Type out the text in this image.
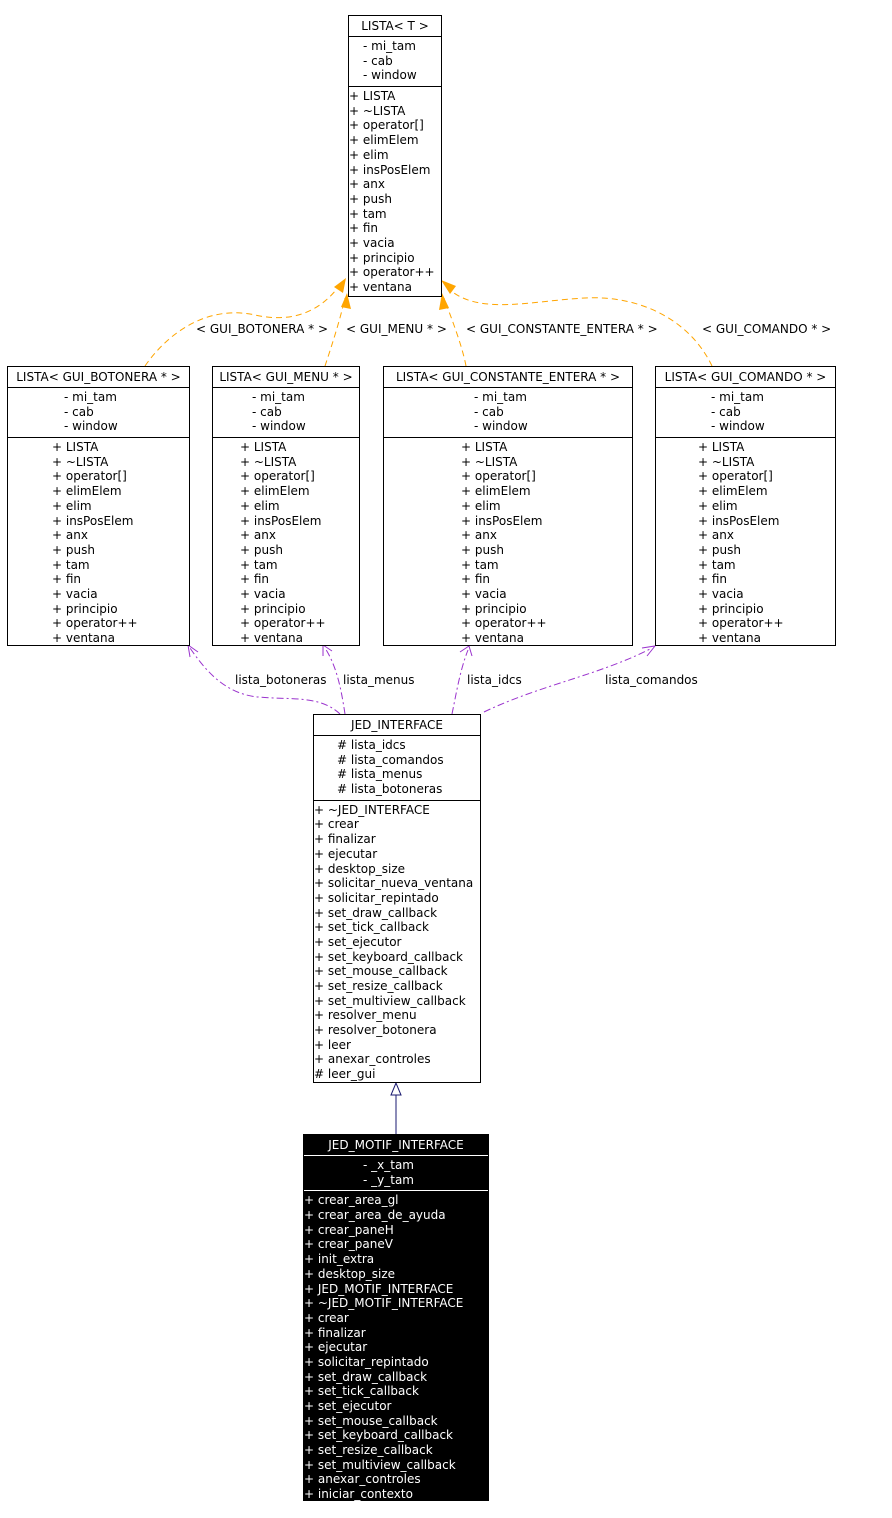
< GUI_BOTONERA * > < GUI_MENU * > < GUI_CONSTANTE_ENTERA * >	< GUI_COMANDO * >
lista_botoneras lista_menus	lista_idcs	lista_comandos
LISTA< T >
- mi_tam
- cab
- window
+ LISTA
+ ~LISTA
+ operator[]
+ elimElem
+ elim
+ insPosElem
+ anx
+ push
+ tam
+ fin
+ vacia
+ principio
+ operator++
+ ventana
LISTA< GUI_BOTONERA * >
- mi_tam
- cab
- window
+ LISTA
+ ~LISTA
+ operator[]
+ elimElem
+ elim
+ insPosElem
+ anx
+ push
+ tam
+ fin
+ vacia
+ principio
+ operator++
+ ventana
LISTA< GUI_MENU * >
- mi_tam
- cab
- window
+ LISTA
+ ~LISTA
+ operator[]
+ elimElem
+ elim
+ insPosElem
+ anx
+ push
+ tam
+ fin
+ vacia
+ principio
+ operator++
+ ventana
LISTA< GUI_CONSTANTE_ENTERA * >
- mi_tam
- cab
- window
+ LISTA
+ ~LISTA
+ operator[]
+ elimElem
+ elim
+ insPosElem
+ anx
+ push
+ tam
+ fin
+ vacia
+ principio
+ operator++
+ ventana
LISTA< GUI_COMANDO * >
- mi_tam
- cab
- window
+ LISTA
+ ~LISTA
+ operator[]
+ elimElem
+ elim
+ insPosElem
+ anx
+ push
+ tam
+ fin
+ vacia
+ principio
+ operator++
+ ventana
JED_INTERFACE
# lista_idcs
# lista_comandos
# lista_menus
# lista_botoneras
+ ~JED_INTERFACE
+ crear
+ finalizar
+ ejecutar
+ desktop_size
+ solicitar_nueva_ventana
+ solicitar_repintado
+ set_draw_callback
+ set_tick_callback
+ set_ejecutor
+ set_keyboard_callback
+ set_mouse_callback
+ set_resize_callback
+ set_multiview_callback
+ resolver_menu
+ resolver_botonera
+ leer
+ anexar_controles
# leer_gui
JED_MOTIF_INTERFACE
- _x_tam
- _y_tam
+ crear_area_gl
+ crear_area_de_ayuda
+ crear_paneH
+ crear_paneV
+ init_extra
+ desktop_size
+ JED_MOTIF_INTERFACE
+ ~JED_MOTIF_INTERFACE
+ crear
+ finalizar
+ ejecutar
+ solicitar_repintado
+ set_draw_callback
+ set_tick_callback
+ set_ejecutor
+ set_mouse_callback
+ set_keyboard_callback
+ set_resize_callback
+ set_multiview_callback
+ anexar_controles
+ iniciar_contexto
